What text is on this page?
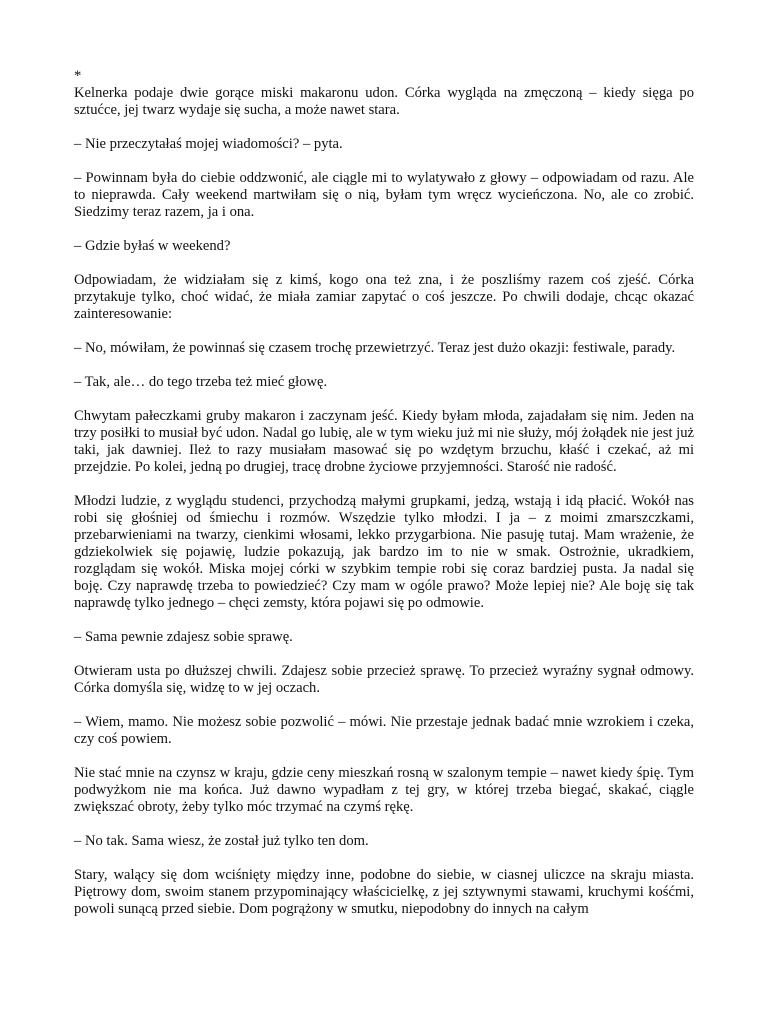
*

Kelnerka podaje dwie gorące miski makaronu udon. Córka wygląda na zmęczoną – kiedy sięga po sztućce, jej twarz wydaje się sucha, a może nawet stara.

– Nie przeczytałaś mojej wiadomości? – pyta.

– Powinnam była do ciebie oddzwonić, ale ciągle mi to wylatywało z głowy – odpowiadam od razu. Ale to nieprawda. Cały weekend martwiłam się o nią, byłam tym wręcz wycieńczona. No, ale co zrobić. Siedzimy teraz razem, ja i ona.

– Gdzie byłaś w weekend?

Odpowiadam, że widziałam się z kimś, kogo ona też zna, i że poszliśmy razem coś zjeść. Córka przytakuje tylko, choć widać, że miała zamiar zapytać o coś jeszcze. Po chwili dodaje, chcąc okazać zainteresowanie:

– No, mówiłam, że powinnaś się czasem trochę przewietrzyć. Teraz jest dużo okazji: festiwale, parady.

– Tak, ale… do tego trzeba też mieć głowę.

Chwytam pałeczkami gruby makaron i zaczynam jeść. Kiedy byłam młoda, zajadałam się nim. Jeden na trzy posiłki to musiał być udon. Nadal go lubię, ale w tym wieku już mi nie służy, mój żołądek nie jest już taki, jak dawniej. Ileż to razy musiałam masować się po wzdętym brzuchu, kłaść i czekać, aż mi przejdzie. Po kolei, jedną po drugiej, tracę drobne życiowe przyjemności. Starość nie radość.

Młodzi ludzie, z wyglądu studenci, przychodzą małymi grupkami, jedzą, wstają i idą płacić. Wokół nas robi się głośniej od śmiechu i rozmów. Wszędzie tylko młodzi. I ja – z moimi zmarszczkami, przebarwieniami na twarzy, cienkimi włosami, lekko przygarbiona. Nie pasuję tutaj. Mam wrażenie, że gdziekolwiek się pojawię, ludzie pokazują, jak bardzo im to nie w smak. Ostrożnie, ukradkiem, rozglądam się wokół. Miska mojej córki w szybkim tempie robi się coraz bardziej pusta. Ja nadal się boję. Czy naprawdę trzeba to powiedzieć? Czy mam w ogóle prawo? Może lepiej nie? Ale boję się tak naprawdę tylko jednego – chęci zemsty, która pojawi się po odmowie.

– Sama pewnie zdajesz sobie sprawę.

Otwieram usta po dłuższej chwili. Zdajesz sobie przecież sprawę. To przecież wyraźny sygnał odmowy. Córka domyśla się, widzę to w jej oczach.

– Wiem, mamo. Nie możesz sobie pozwolić – mówi. Nie przestaje jednak badać mnie wzrokiem i czeka, czy coś powiem.

Nie stać mnie na czynsz w kraju, gdzie ceny mieszkań rosną w szalonym tempie – nawet kiedy śpię. Tym podwyżkom nie ma końca. Już dawno wypadłam z tej gry, w której trzeba biegać, skakać, ciągle zwiększać obroty, żeby tylko móc trzymać na czymś rękę.

– No tak. Sama wiesz, że został już tylko ten dom.

Stary, walący się dom wciśnięty między inne, podobne do siebie, w ciasnej uliczce na skraju miasta. Piętrowy dom, swoim stanem przypominający właścicielkę, z jej sztywnymi stawami, kruchymi kośćmi, powoli sunącą przed siebie. Dom pogrążony w smutku, niepodobny do innych na całym
